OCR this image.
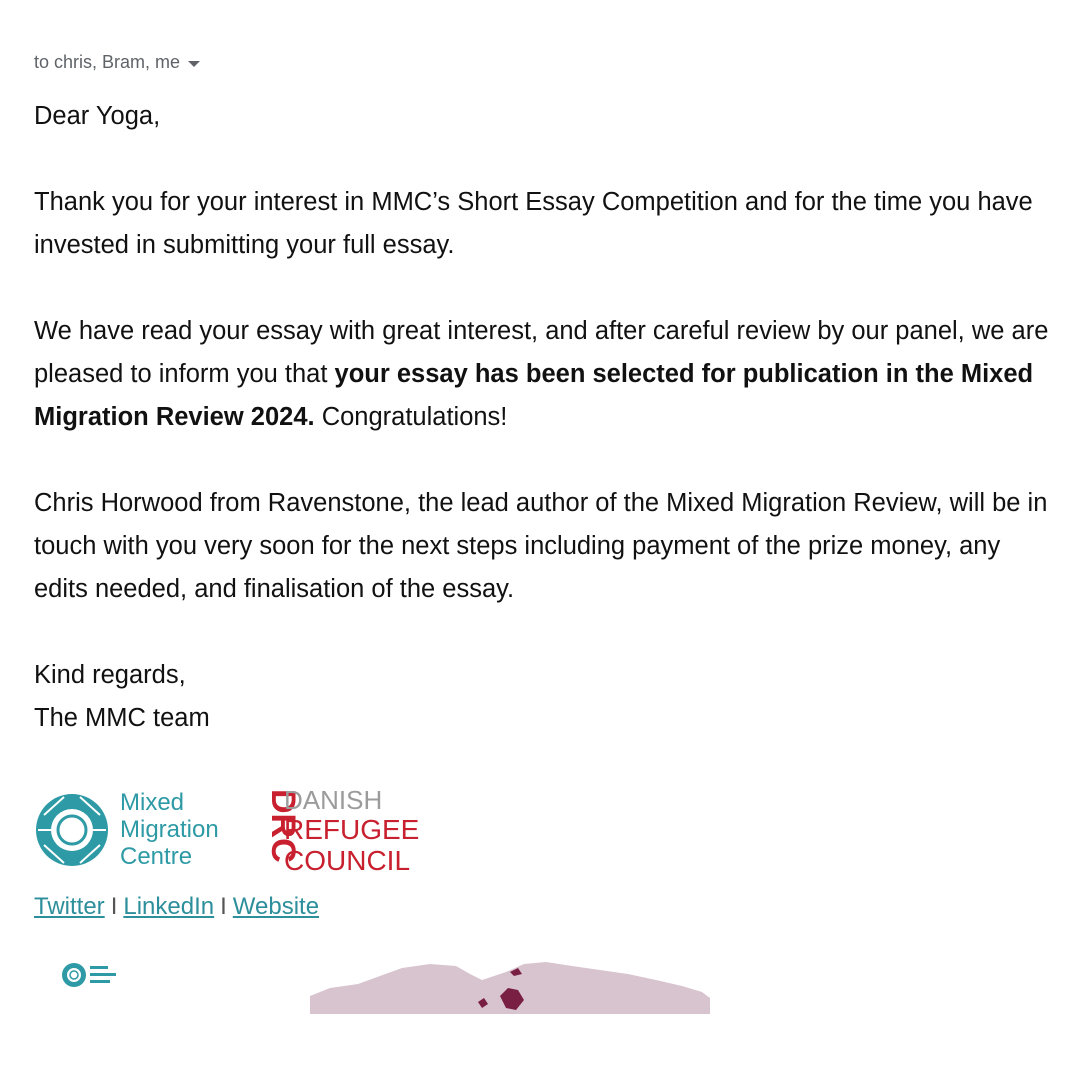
to chris, Bram, me

Dear Yoga,

Thank you for your interest in MMC’s Short Essay Competition and for the time you have invested in submitting your full essay.

We have read your essay with great interest, and after careful review by our panel, we are pleased to inform you that your essay has been selected for publication in the Mixed Migration Review 2024. Congratulations!

Chris Horwood from Ravenstone, the lead author of the Mixed Migration Review, will be in touch with you very soon for the next steps including payment of the prize money, any edits needed, and finalisation of the essay.

Kind regards,

The MMC team

Mixed
Migration
Centre DRC
DANISH
REFUGEE
COUNCIL
Twitter I LinkedIn I Website
